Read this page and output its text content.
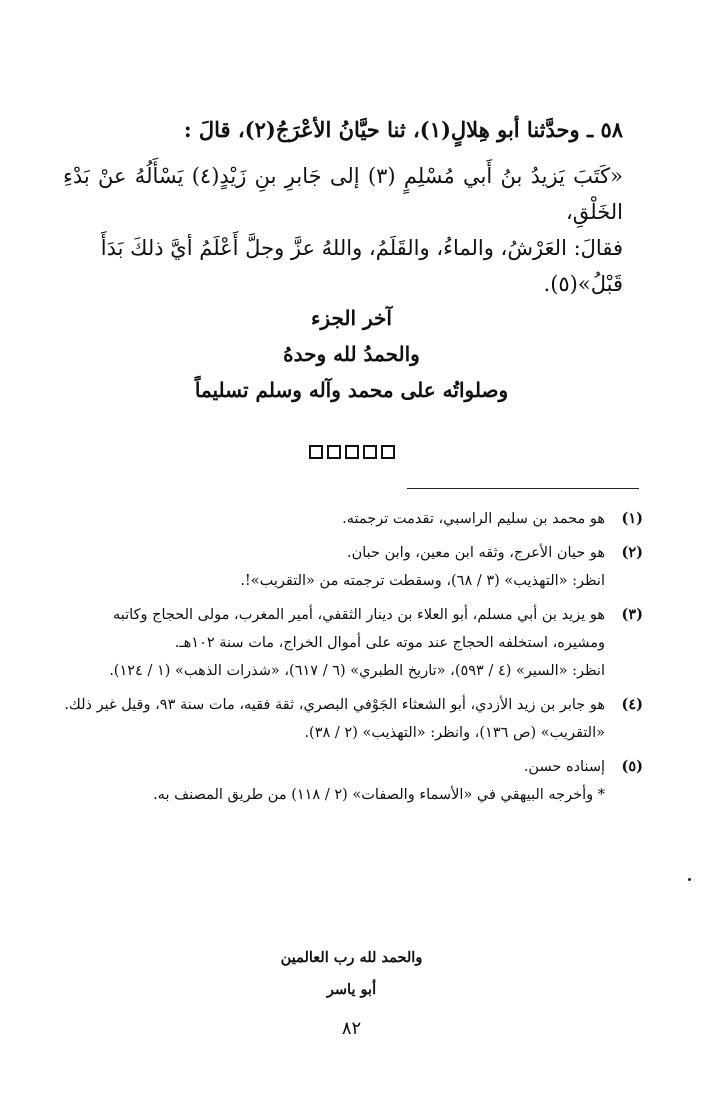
٥٨ ـ وحدَّثنا أبو هِلالٍ(١)، ثنا حيَّانُ الأعْرَجُ(٢)، قالَ :
«كَتَبَ يَزيدُ بنُ أَبي مُسْلِمٍ (٣) إلى جَابرِ بنِ زَيْدٍ(٤) يَسْأَلُهُ عنْ بَدْءِ الخَلْقِ،
فقالَ: العَرْشُ، والماءُ، والقَلَمُ، واللهُ عزَّ وجلَّ أَعْلَمُ أيَّ ذلكَ بَدَأَ
قَبْلُ»(٥).
آخر الجزء
والحمدُ لله وحدهُ
وصلواتُه على محمد وآله وسلم تسليماً
(١)

هو محمد بن سليم الراسبي، تقدمت ترجمته.

(٢)

هو حيان الأعرج، وثقه ابن معين، وابن حبان.

انظر: «التهذيب» (٣ / ٦٨)، وسقطت ترجمته من «التقريب»!.

(٣)

هو يزيد بن أبي مسلم، أبو العلاء بن دينار الثقفي، أمير المغرب، مولى الحجاج وكاتبه ومشيره، استخلفه الحجاج عند موته على أموال الخراج، مات سنة ١٠٢هـ.

انظر: «السير» (٤ / ٥٩٣)، «تاريخ الطبري» (٦ / ٦١٧)، «شذرات الذهب» (١ / ١٢٤).

(٤)

هو جابر بن زيد الأزدي، أبو الشعثاء الجَوْفي البصري، ثقة فقيه، مات سنة ٩٣، وقيل غير ذلك.

«التقريب» (ص ١٣٦)، وانظر: «التهذيب» (٢ / ٣٨).

(٥)

إسناده حسن.

* وأخرجه البيهقي في «الأسماء والصفات» (٢ / ١١٨) من طريق المصنف به.

والحمد لله رب العالمين
أبو ياسر
٨٢
